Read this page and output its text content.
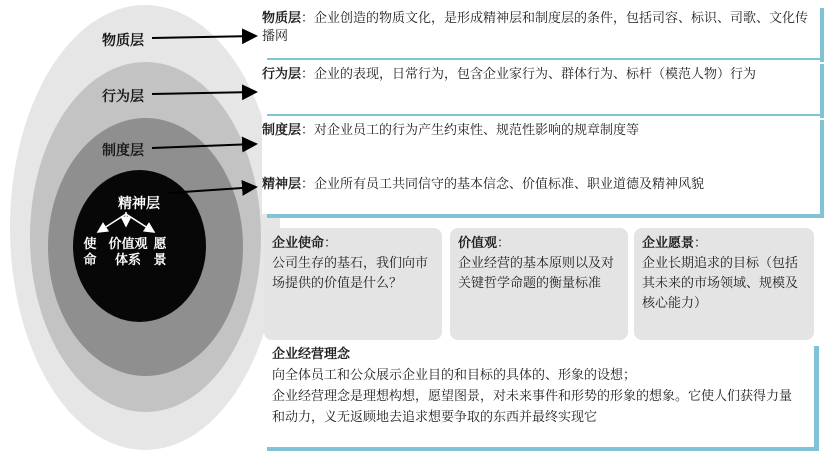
物质层
行为层
制度层
精神层
使命
价值观体系
愿景
物质层：企业创造的物质文化，是形成精神层和制度层的条件，包括司容、标识、司歌、文化传播网
行为层：企业的表现，日常行为，包含企业家行为、群体行为、标杆（模范人物）行为
制度层：对企业员工的行为产生约束性、规范性影响的规章制度等
精神层：企业所有员工共同信守的基本信念、价值标准、职业道德及精神风貌
企业使命：
公司生存的基石，我们向市场提供的价值是什么？
价值观：
企业经营的基本原则以及对关键哲学命题的衡量标准
企业愿景：
企业长期追求的目标（包括其未来的市场领域、规模及核心能力）
企业经营理念
向全体员工和公众展示企业目的和目标的具体的、形象的设想；
企业经营理念是理想构想，愿望图景，对未来事件和形势的形象的想象。它使人们获得力量和动力，义无返顾地去追求想要争取的东西并最终实现它
